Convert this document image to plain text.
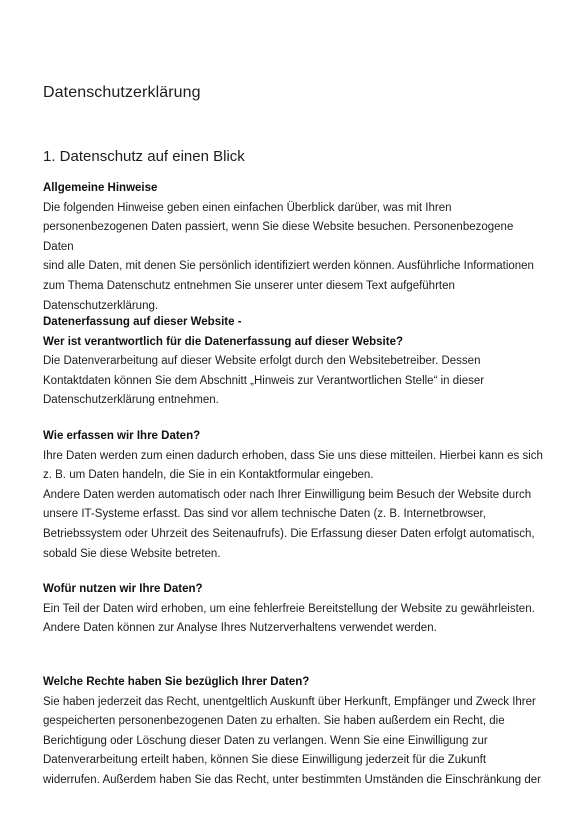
Datenschutzerklärung
1. Datenschutz auf einen Blick

Allgemeine Hinweise

Die folgenden Hinweise geben einen einfachen Überblick darüber, was mit Ihren

personenbezogenen Daten passiert, wenn Sie diese Website besuchen. Personenbezogene Daten

sind alle Daten, mit denen Sie persönlich identifiziert werden können. Ausführliche Informationen

zum Thema Datenschutz entnehmen Sie unserer unter diesem Text aufgeführten

Datenschutzerklärung.

Datenerfassung auf dieser Website -

Wer ist verantwortlich für die Datenerfassung auf dieser Website?

Die Datenverarbeitung auf dieser Website erfolgt durch den Websitebetreiber. Dessen

Kontaktdaten können Sie dem Abschnitt „Hinweis zur Verantwortlichen Stelle“ in dieser

Datenschutzerklärung entnehmen.

Wie erfassen wir Ihre Daten?

Ihre Daten werden zum einen dadurch erhoben, dass Sie uns diese mitteilen. Hierbei kann es sich

z. B. um Daten handeln, die Sie in ein Kontaktformular eingeben.

Andere Daten werden automatisch oder nach Ihrer Einwilligung beim Besuch der Website durch

unsere IT-Systeme erfasst. Das sind vor allem technische Daten (z. B. Internetbrowser,

Betriebssystem oder Uhrzeit des Seitenaufrufs). Die Erfassung dieser Daten erfolgt automatisch,

sobald Sie diese Website betreten.

Wofür nutzen wir Ihre Daten?

Ein Teil der Daten wird erhoben, um eine fehlerfreie Bereitstellung der Website zu gewährleisten.

Andere Daten können zur Analyse Ihres Nutzerverhaltens verwendet werden.

Welche Rechte haben Sie bezüglich Ihrer Daten?

Sie haben jederzeit das Recht, unentgeltlich Auskunft über Herkunft, Empfänger und Zweck Ihrer

gespeicherten personenbezogenen Daten zu erhalten. Sie haben außerdem ein Recht, die

Berichtigung oder Löschung dieser Daten zu verlangen. Wenn Sie eine Einwilligung zur

Datenverarbeitung erteilt haben, können Sie diese Einwilligung jederzeit für die Zukunft

widerrufen. Außerdem haben Sie das Recht, unter bestimmten Umständen die Einschränkung der
